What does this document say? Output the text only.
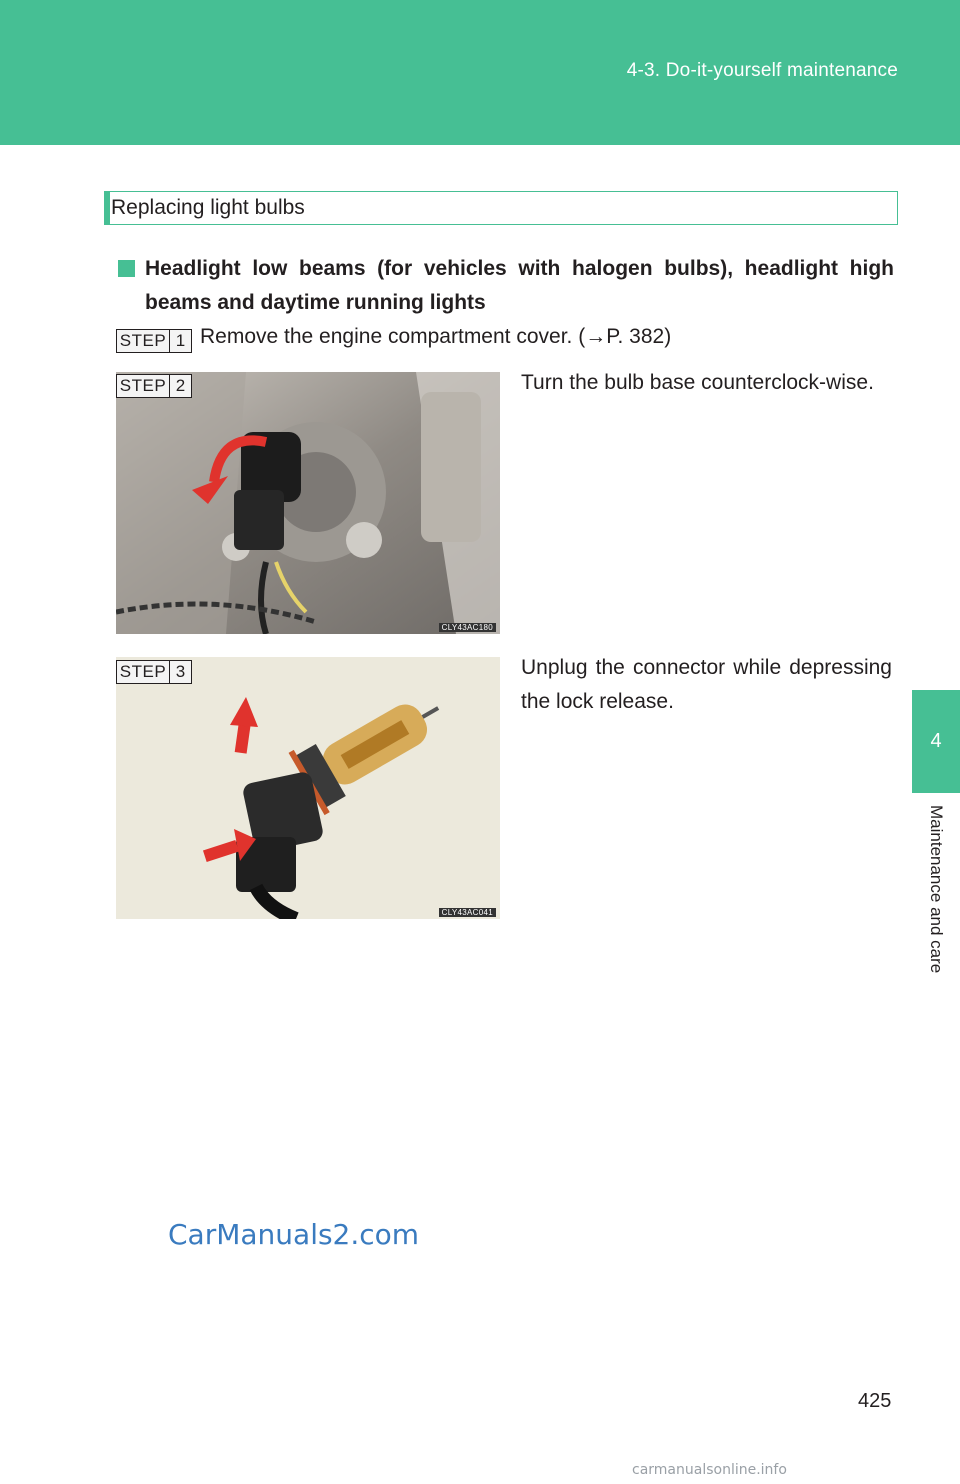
4-3. Do-it-yourself maintenance
4
Maintenance and care
Replacing light bulbs
Headlight low beams (for vehicles with halogen bulbs), headlight high beams and daytime running lights
STEP 1 Remove the engine compartment cover. (→P. 382)
CLY43AC180
STEP 2	Turn the bulb base counterclock-wise.
CLY43AC041
STEP 3	Unplug the connector while depressing the lock release.
CarManuals2.com
425
carmanualsonline.info
